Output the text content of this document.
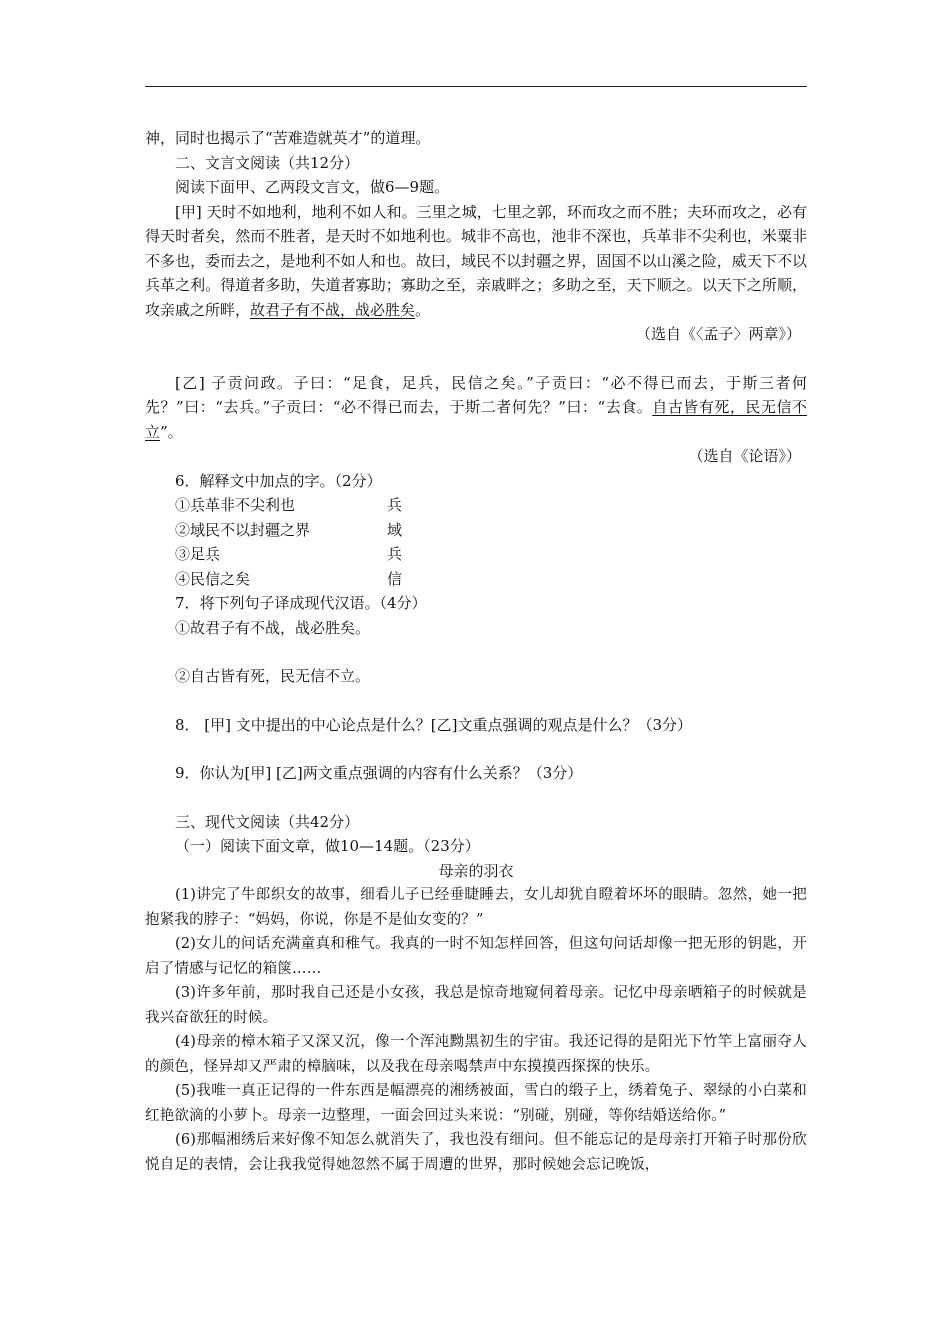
神，同时也揭示了“苦难造就英才”的道理。

二、文言文阅读（共12分）

阅读下面甲、乙两段文言文，做6—9题。

[甲] 天时不如地利，地利不如人和。三里之城，七里之郭，环而攻之而不胜；夫环而攻之，必有得天时者矣，然而不胜者，是天时不如地利也。城非不高也，池非不深也，兵革非不尖利也，米粟非不多也，委而去之，是地利不如人和也。故曰，域民不以封疆之界，固国不以山溪之险，威天下不以兵革之利。得道者多助，失道者寡助；寡助之至，亲戚畔之；多助之至，天下顺之。以天下之所顺，攻亲戚之所畔，故君子有不战，战必胜矣。

（选自《〈孟子〉两章》）

[乙] 子贡问政。子曰：“足食，足兵，民信之矣。”子贡曰：“必不得已而去，于斯三者何先？”曰：“去兵。”子贡曰：“必不得已而去，于斯二者何先？”曰：“去食。自古皆有死，民无信不立”。

（选自《论语》）

6．解释文中加点的字。（2分）

①兵革非不尖利也	兵
②域民不以封疆之界	域
③足兵	兵
④民信之矣	信

7．将下列句子译成现代汉语。（4分）

①故君子有不战，战必胜矣。

②自古皆有死，民无信不立。

8． [甲] 文中提出的中心论点是什么？[乙]文重点强调的观点是什么？（3分）

9．你认为[甲] [乙]两文重点强调的内容有什么关系？（3分）

三、现代文阅读（共42分）

（一）阅读下面文章，做10—14题。（23分）

母亲的羽衣

(1)讲完了牛郎织女的故事，细看儿子已经垂睫睡去，女儿却犹自瞪着坏坏的眼睛。忽然，她一把抱紧我的脖子：“妈妈，你说，你是不是仙女变的？”

(2)女儿的问话充满童真和稚气。我真的一时不知怎样回答，但这句问话却像一把无形的钥匙，开启了情感与记忆的箱箧……

(3)许多年前，那时我自己还是小女孩，我总是惊奇地窥伺着母亲。记忆中母亲晒箱子的时候就是我兴奋欲狂的时候。

(4)母亲的樟木箱子又深又沉，像一个浑沌黝黑初生的宇宙。我还记得的是阳光下竹竿上富丽夺人的颜色，怪异却又严肃的樟脑味，以及我在母亲喝禁声中东摸摸西探探的快乐。

(5)我唯一真正记得的一件东西是幅漂亮的湘绣被面，雪白的缎子上，绣着兔子、翠绿的小白菜和红艳欲滴的小萝卜。母亲一边整理，一面会回过头来说：“别碰，别碰，等你结婚送给你。”

(6)那幅湘绣后来好像不知怎么就消失了，我也没有细问。但不能忘记的是母亲打开箱子时那份欣悦自足的表情，会让我我觉得她忽然不属于周遭的世界，那时候她会忘记晚饭，
